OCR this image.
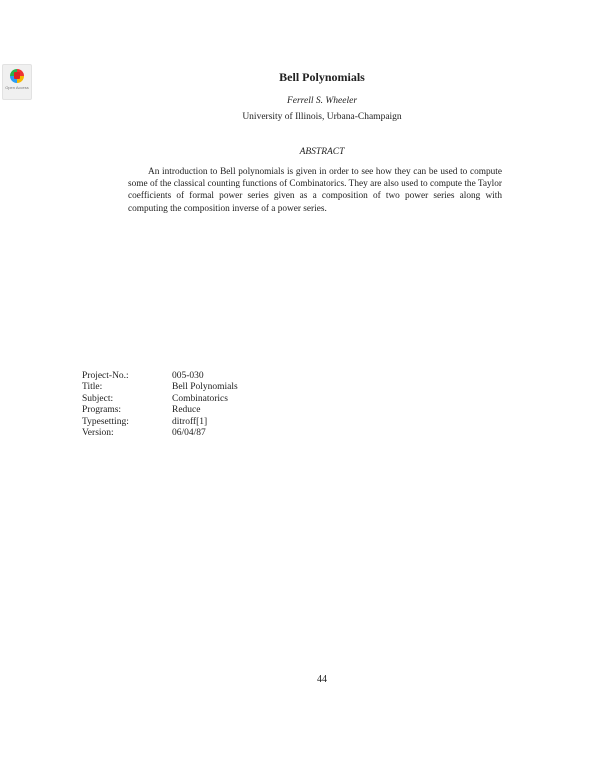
Open Access
Bell Polynomials
Ferrell S. Wheeler
University of Illinois, Urbana-Champaign
ABSTRACT
An introduction to Bell polynomials is given in order to see how they can be used to compute some of the classical counting functions of Combinatorics. They are also used to compute the Taylor coefficients of formal power series given as a composition of two power series along with computing the composition inverse of a power series.
Project-No.:	005-030
Title:	Bell Polynomials
Subject:	Combinatorics
Programs:	Reduce
Typesetting:	ditroff[1]
Version:	06/04/87
44
